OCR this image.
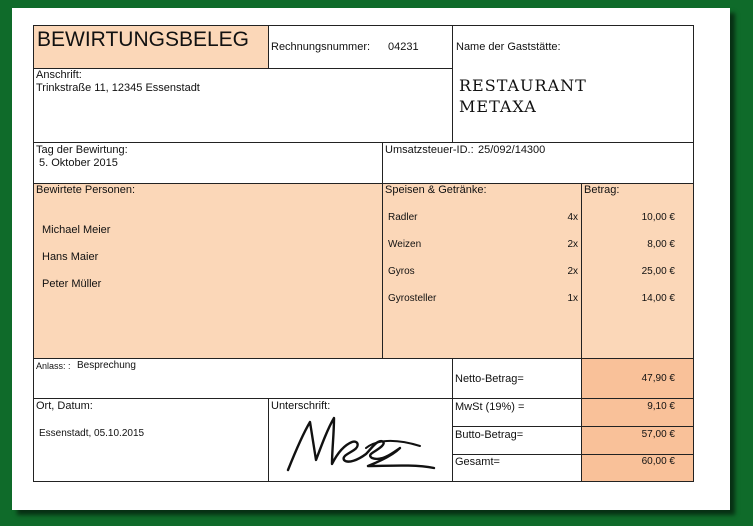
BEWIRTUNGSBELEG Rechnungsnummer: 04231	Name der Gaststätte:
RESTAURANT
METAXA
Anschrift:
Trinkstraße 11, 12345 Essenstadt
Tag der Bewirtung:
5. Oktober 2015
Umsatzsteuer-ID.: 25/092/14300
Bewirtete Personen:
Michael Meier
Hans Maier
Peter Müller
Speisen & Getränke:	Betrag:
Radler	4x	10,00 €
Weizen	2x	8,00 €
Gyros	2x	25,00 €
Gyrosteller	1x	14,00 €
Anlass: : Besprechung
Netto-Betrag=	47,90 €
MwSt (19%) =	9,10 €
Butto-Betrag=	57,00 €
Gesamt=	60,00 €
Ort, Datum:
Essenstadt, 05.10.2015
Unterschrift:
